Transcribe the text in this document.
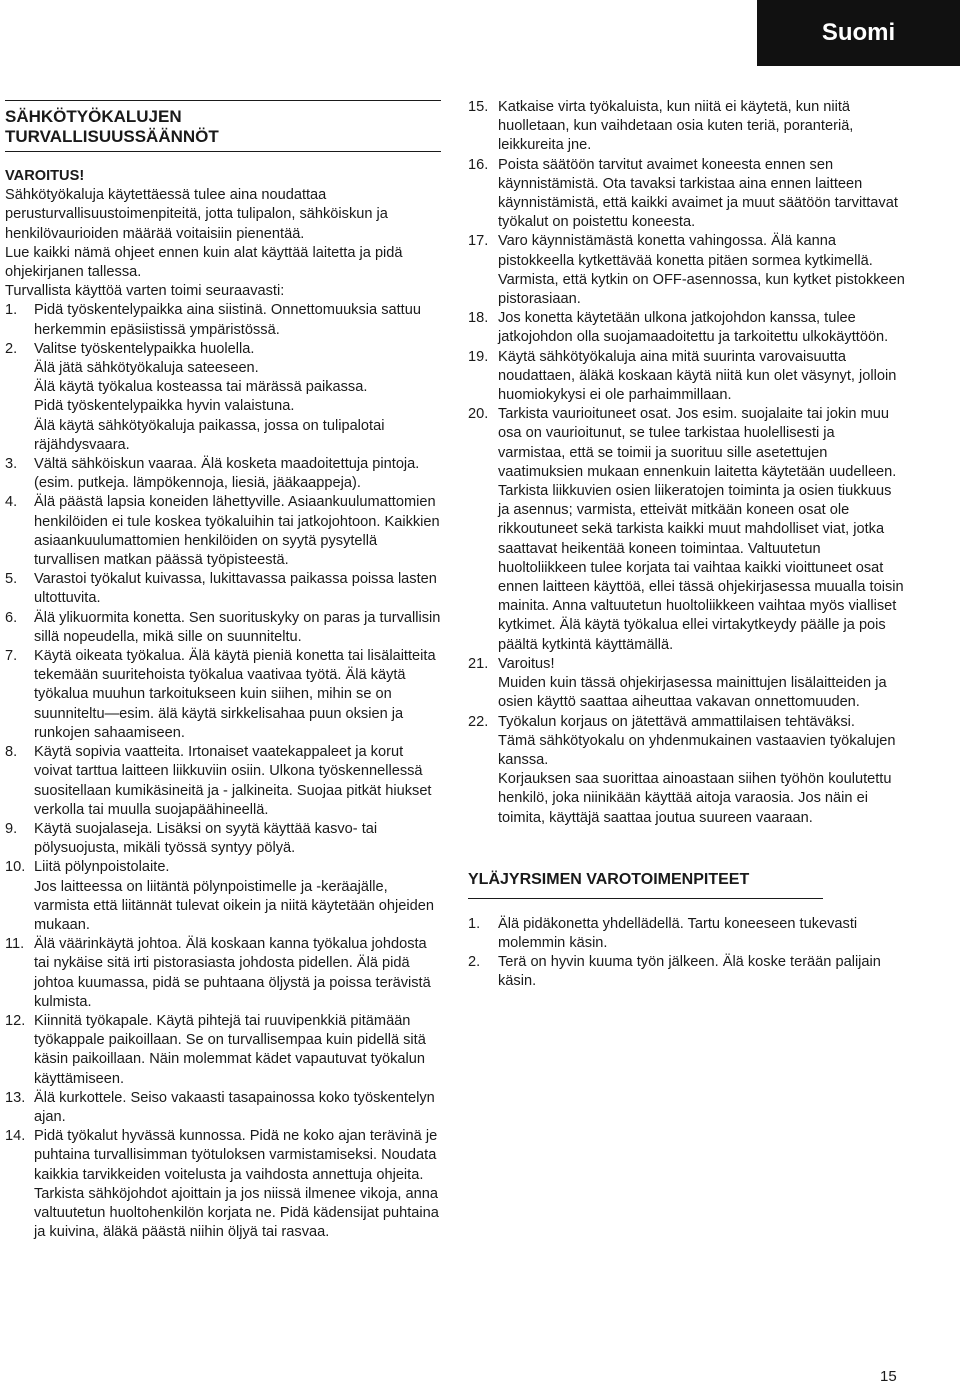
Suomi
SÄHKÖTYÖKALUJEN
TURVALLISUUSSÄÄNNÖT
VAROITUS!

Sähkötyökaluja käytettäessä tulee aina noudattaa perusturvallisuustoimenpiteitä, jotta tulipalon, sähköiskun ja henkilövaurioiden määrää voitaisiin pienentää.

Lue kaikki nämä ohjeet ennen kuin alat käyttää laitetta ja pidä ohjekirjanen tallessa.

Turvallista käyttöä varten toimi seuraavasti:

1.	Pidä työskentelypaikka aina siistinä. Onnettomuuksia sattuu herkemmin epäsiistissä ympäristössä.
2.	Valitse työskentelypaikka huolella.

Älä jätä sähkötyökaluja sateeseen.

Älä käytä työkalua kosteassa tai märässä paikassa.

Pidä työskentelypaikka hyvin valaistuna.

Älä käytä sähkötyökaluja paikassa, jossa on tulipalotai räjähdysvaara.

3.	Vältä sähköiskun vaaraa. Älä kosketa maadoitettuja pintoja. (esim. putkeja. lämpökennoja, liesiä, jääkaappeja).
4.	Älä päästä lapsia koneiden lähettyville. Asiaankuulumattomien henkilöiden ei tule koskea työkaluihin tai jatkojohtoon. Kaikkien asiaankuulumattomien henkilöiden on syytä pysytellä turvallisen matkan päässä työpisteestä.
5.	Varastoi työkalut kuivassa, lukittavassa paikassa poissa lasten ultottuvita.
6.	Älä ylikuormita konetta. Sen suorituskyky on paras ja turvallisin sillä nopeudella, mikä sille on suunniteltu.
7.	Käytä oikeata työkalua. Älä käytä pieniä konetta tai lisälaitteita tekemään suuritehoista työkalua vaativaa työtä. Älä käytä työkalua muuhun tarkoitukseen kuin siihen, mihin se on suunniteltu—esim. älä käytä sirkkelisahaa puun oksien ja runkojen sahaamiseen.
8.	Käytä sopivia vaatteita. Irtonaiset vaatekappaleet ja korut voivat tarttua laitteen liikkuviin osiin. Ulkona työskennellessä suositellaan kumikäsineitä ja - jalkineita. Suojaa pitkät hiukset verkolla tai muulla suojapäähineellä.
9.	Käytä suojalaseja. Lisäksi on syytä käyttää kasvo- tai pölysuojusta, mikäli työssä syntyy pölyä.
10. Liitä pölynpoistolaite.

Jos laitteessa on liitäntä pölynpoistimelle ja -keräajälle, varmista että liitännät tulevat oikein ja niitä käytetään ohjeiden mukaan.

11. Älä väärinkäytä johtoa. Älä koskaan kanna työkalua johdosta tai nykäise sitä irti pistorasiasta johdosta pidellen. Älä pidä johtoa kuumassa, pidä se puhtaana öljystä ja poissa terävistä kulmista.
12. Kiinnitä työkapale. Käytä pihtejä tai ruuvipenkkiä pitämään työkappale paikoillaan. Se on turvallisempaa kuin pidellä sitä käsin paikoillaan. Näin molemmat kädet vapautuvat työkalun käyttämiseen.
13. Älä kurkottele. Seiso vakaasti tasapainossa koko työskentelyn ajan.
14. Pidä työkalut hyvässä kunnossa. Pidä ne koko ajan terävinä je puhtaina turvallisimman työtuloksen varmistamiseksi. Noudata kaikkia tarvikkeiden voitelusta ja vaihdosta annettuja ohjeita. Tarkista sähköjohdot ajoittain ja jos niissä ilmenee vikoja, anna valtuutetun huoltohenkilön korjata ne. Pidä kädensijat puhtaina ja kuivina, äläkä päästä niihin öljyä tai rasvaa.
15. Katkaise virta työkaluista, kun niitä ei käytetä, kun niitä huolletaan, kun vaihdetaan osia kuten teriä, poranteriä, leikkureita jne.
16. Poista säätöön tarvitut avaimet koneesta ennen sen käynnistämistä. Ota tavaksi tarkistaa aina ennen laitteen käynnistämistä, että kaikki avaimet ja muut säätöön tarvittavat työkalut on poistettu koneesta.
17. Varo käynnistämästä konetta vahingossa. Älä kanna pistokkeella kytkettävää konetta pitäen sormea kytkimellä. Varmista, että kytkin on OFF-asennossa, kun kytket pistokkeen pistorasiaan.
18. Jos konetta käytetään ulkona jatkojohdon kanssa, tulee jatkojohdon olla suojamaadoitettu ja tarkoitettu ulkokäyttöön.
19. Käytä sähkötyökaluja aina mitä suurinta varovaisuutta noudattaen, äläkä koskaan käytä niitä kun olet väsynyt, jolloin huomiokykysi ei ole parhaimmillaan.
20. Tarkista vaurioituneet osat. Jos esim. suojalaite tai jokin muu osa on vaurioitunut, se tulee tarkistaa huolellisesti ja varmistaa, että se toimii ja suorituu sille asetettujen vaatimuksien mukaan ennenkuin laitetta käytetään uudelleen. Tarkista liikkuvien osien liikeratojen toiminta ja osien tiukkuus ja asennus; varmista, etteivät mitkään koneen osat ole rikkoutuneet sekä tarkista kaikki muut mahdolliset viat, jotka saattavat heikentää koneen toimintaa. Valtuutetun huoltoliikkeen tulee korjata tai vaihtaa kaikki vioittuneet osat ennen laitteen käyttöä, ellei tässä ohjekirjasessa muualla toisin mainita. Anna valtuutetun huoltoliikkeen vaihtaa myös vialliset kytkimet. Älä käytä työkalua ellei virtakytkeydy päälle ja pois päältä kytkintä käyttämällä.
21. Varoitus!

Muiden kuin tässä ohjekirjasessa mainittujen lisälaitteiden ja osien käyttö saattaa aiheuttaa vakavan onnettomuuden.

22. Työkalun korjaus on jätettävä ammattilaisen tehtäväksi.

Tämä sähkötyokalu on yhdenmukainen vastaavien työkalujen kanssa.

Korjauksen saa suorittaa ainoastaan siihen työhön koulutettu henkilö, joka niinikään käyttää aitoja varaosia. Jos näin ei toimita, käyttäjä saattaa joutua suureen vaaraan.

YLÄJYRSIMEN VAROTOIMENPITEET
1.	Älä pidäkonetta yhdellädellä. Tartu koneeseen tukevasti molemmin käsin.
2.	Terä on hyvin kuuma työn jälkeen. Älä koske terään palijain käsin.
15
